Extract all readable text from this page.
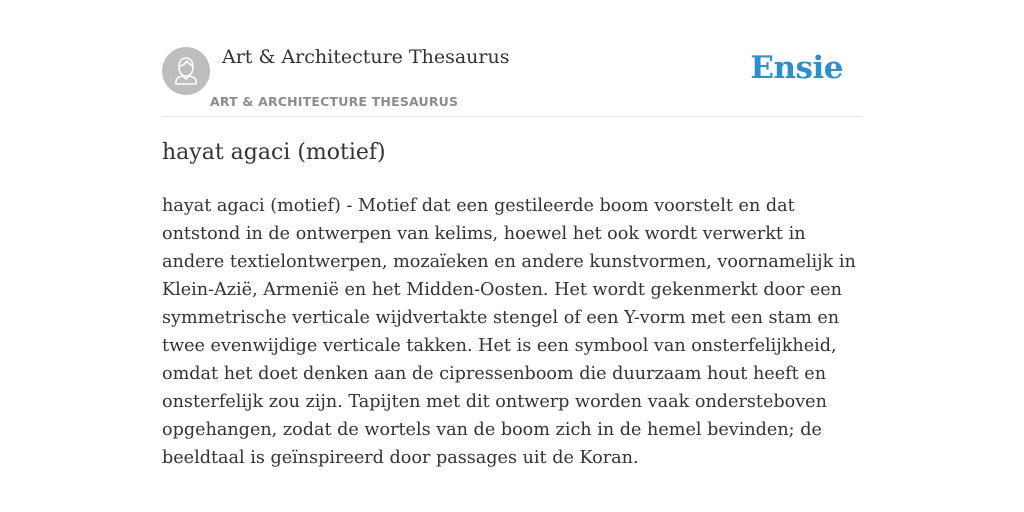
Art & Architecture Thesaurus
ART & ARCHITECTURE THESAURUS
Ensie
hayat agaci (motief)

hayat agaci (motief) - Motief dat een gestileerde boom voorstelt en dat ontstond in de ontwerpen van kelims, hoewel het ook wordt verwerkt in andere textielontwerpen, mozaïeken en andere kunstvormen, voornamelijk in Klein-Azië, Armenië en het Midden-Oosten. Het wordt gekenmerkt door een symmetrische verticale wijdvertakte stengel of een Y-vorm met een stam en twee evenwijdige verticale takken. Het is een symbool van onsterfelijkheid, omdat het doet denken aan de cipressenboom die duurzaam hout heeft en onsterfelijk zou zijn. Tapijten met dit ontwerp worden vaak ondersteboven opgehangen, zodat de wortels van de boom zich in de hemel bevinden; de beeldtaal is geïnspireerd door passages uit de Koran.
